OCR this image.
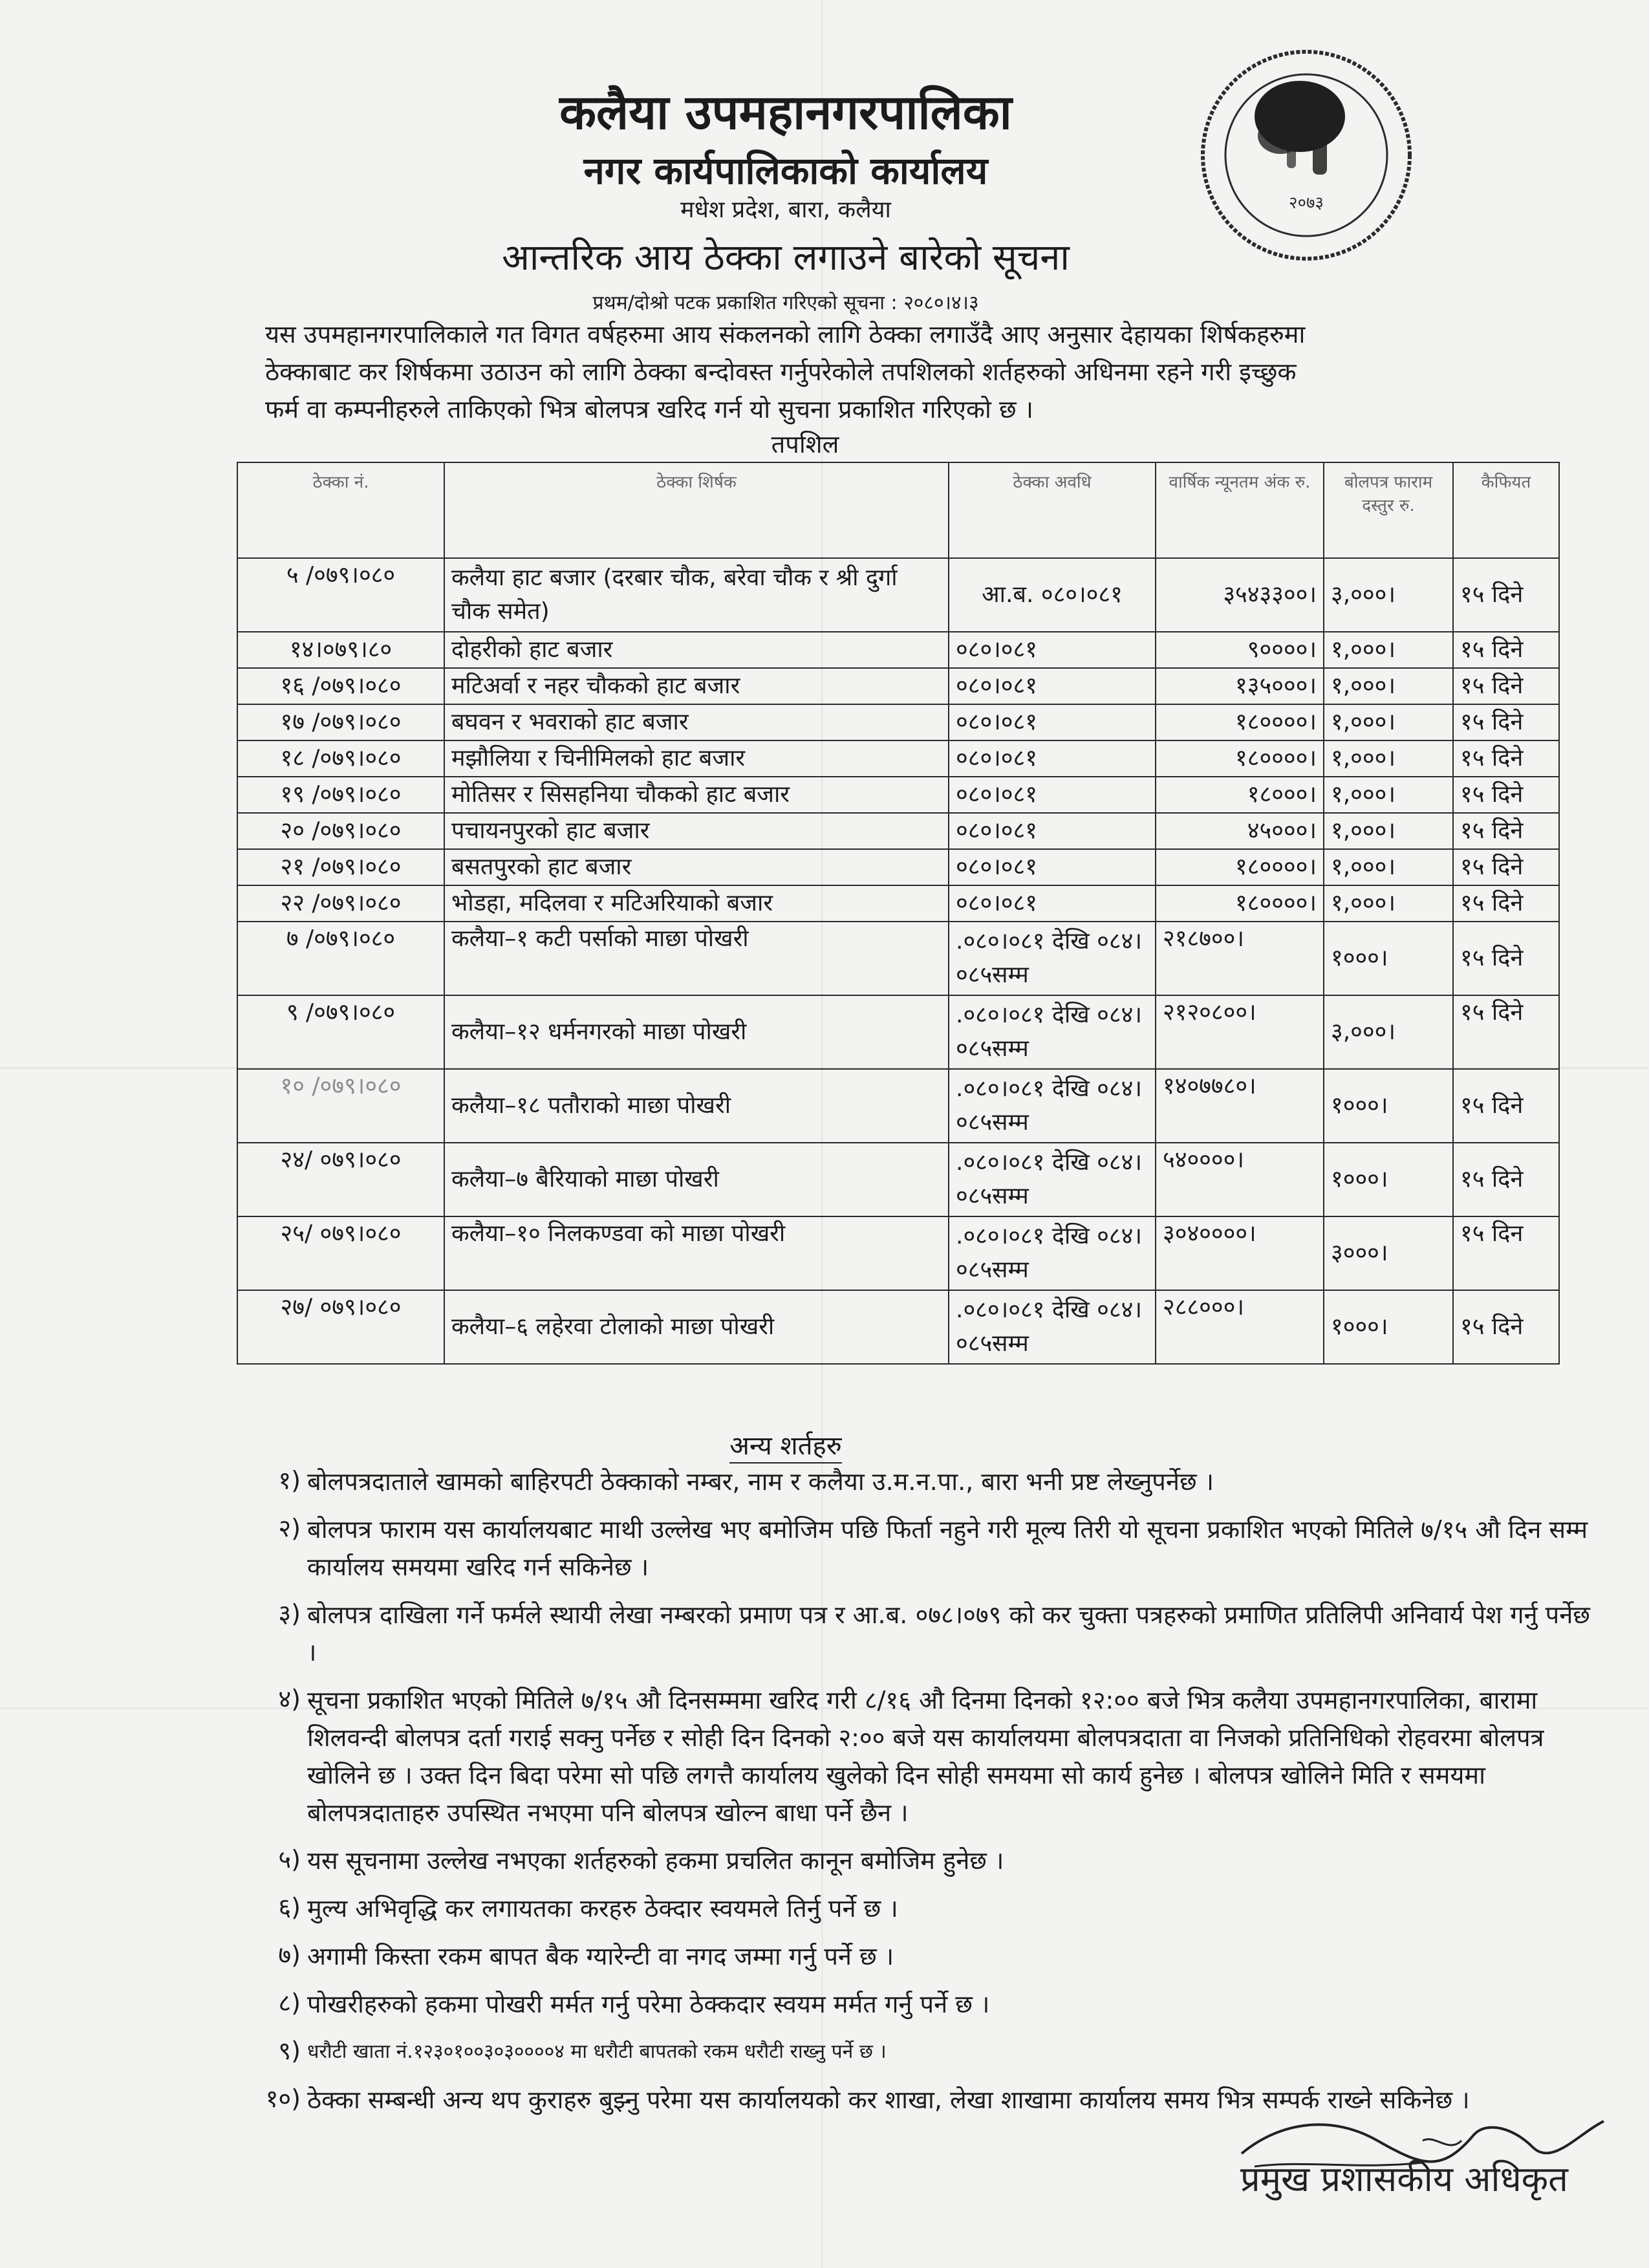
कलैया उपमहानगरपालिका
नगर कार्यपालिकाको कार्यालय
मधेश प्रदेश, बारा, कलैया
आन्तरिक आय ठेक्का लगाउने बारेको सूचना
प्रथम/दोश्रो पटक प्रकाशित गरिएको सूचना : २०८०।४।३
२०७३
यस उपमहानगरपालिकाले गत विगत वर्षहरुमा आय संकलनको लागि ठेक्का लगाउँदै आए अनुसार देहायका शिर्षकहरुमा
ठेक्काबाट कर शिर्षकमा उठाउन को लागि ठेक्का बन्दोवस्त गर्नुपरेकोले तपशिलको शर्तहरुको अधिनमा रहने गरी इच्छुक
फर्म वा कम्पनीहरुले ताकिएको भित्र बोलपत्र खरिद गर्न यो सुचना प्रकाशित गरिएको छ ।
तपशिल
ठेक्का नं.	ठेक्का शिर्षक	ठेक्का अवधि	वार्षिक न्यूनतम अंक रु.	बोलपत्र फाराम दस्तुर रु.	कैफियत
५ /०७९।०८०	कलैया हाट बजार (दरबार चौक, बरेवा चौक र श्री दुर्गा चौक समेत)	आ.ब. ०८०।०८१	३५४३३००।	३,०००।	१५ दिने
१४।०७९।८०	दोहरीको हाट बजार	०८०।०८१	९००००।	१,०००।	१५ दिने
१६ /०७९।०८०	मटिअर्वा र नहर चौकको हाट बजार	०८०।०८१	१३५०००।	१,०००।	१५ दिने
१७ /०७९।०८०	बघवन र भवराको हाट बजार	०८०।०८१	१८००००।	१,०००।	१५ दिने
१८ /०७९।०८०	मझौलिया र चिनीमिलको हाट बजार	०८०।०८१	१८००००।	१,०००।	१५ दिने
१९ /०७९।०८०	मोतिसर र सिसहनिया चौकको हाट बजार	०८०।०८१	१८०००।	१,०००।	१५ दिने
२० /०७९।०८०	पचायनपुरको हाट बजार	०८०।०८१	४५०००।	१,०००।	१५ दिने
२१ /०७९।०८०	बसतपुरको हाट बजार	०८०।०८१	१८००००।	१,०००।	१५ दिने
२२ /०७९।०८०	भोडहा, मदिलवा र मटिअरियाको बजार	०८०।०८१	१८००००।	१,०००।	१५ दिने
७ /०७९।०८०	कलैया–१ कटी पर्साको माछा पोखरी	.०८०।०८१ देखि ०८४।०८५सम्म	२१८७००।	१०००।	१५ दिने
९ /०७९।०८०	कलैया–१२ धर्मनगरको माछा पोखरी	.०८०।०८१ देखि ०८४।०८५सम्म	२१२०८००।	३,०००।	१५ दिने
१० /०७९।०८०	कलैया–१८ पतौराको माछा पोखरी	.०८०।०८१ देखि ०८४।०८५सम्म	१४०७७८०।	१०००।	१५ दिने
२४/ ०७९।०८०	कलैया–७ बैरियाको माछा पोखरी	.०८०।०८१ देखि ०८४।०८५सम्म	५४००००।	१०००।	१५ दिने
२५/ ०७९।०८०	कलैया–१० निलकण्डवा को माछा पोखरी	.०८०।०८१ देखि ०८४।०८५सम्म	३०४००००।	३०००।	१५ दिन
२७/ ०७९।०८०	कलैया–६ लहेरवा टोलाको माछा पोखरी	.०८०।०८१ देखि ०८४।०८५सम्म	२८८०००।	१०००।	१५ दिने
अन्य शर्तहरु
१) बोलपत्रदाताले खामको बाहिरपटी ठेक्काको नम्बर, नाम र कलैया उ.म.न.पा., बारा भनी प्रष्ट लेख्नुपर्नेछ ।
२) बोलपत्र फाराम यस कार्यालयबाट माथी उल्लेख भए बमोजिम पछि फिर्ता नहुने गरी मूल्य तिरी यो सूचना प्रकाशित भएको मितिले ७/१५ औ दिन सम्म कार्यालय समयमा खरिद गर्न सकिनेछ ।
३) बोलपत्र दाखिला गर्ने फर्मले स्थायी लेखा नम्बरको प्रमाण पत्र र आ.ब. ०७८।०७९ को कर चुक्ता पत्रहरुको प्रमाणित प्रतिलिपी अनिवार्य पेश गर्नु पर्नेछ ।
४) सूचना प्रकाशित भएको मितिले ७/१५ औ दिनसम्ममा खरिद गरी ८/१६ औ दिनमा दिनको १२:०० बजे भित्र कलैया उपमहानगरपालिका, बारामा शिलवन्दी बोलपत्र दर्ता गराई सक्नु पर्नेछ र सोही दिन दिनको २:०० बजे यस कार्यालयमा बोलपत्रदाता वा निजको प्रतिनिधिको रोहवरमा बोलपत्र खोलिने छ । उक्त दिन बिदा परेमा सो पछि लगत्तै कार्यालय खुलेको दिन सोही समयमा सो कार्य हुनेछ । बोलपत्र खोलिने मिति र समयमा बोलपत्रदाताहरु उपस्थित नभएमा पनि बोलपत्र खोल्न बाधा पर्ने छैन ।
५) यस सूचनामा उल्लेख नभएका शर्तहरुको हकमा प्रचलित कानून बमोजिम हुनेछ ।
६) मुल्य अभिवृद्धि कर लगायतका करहरु ठेक्दार स्वयमले तिर्नु पर्ने छ ।
७) अगामी किस्ता रकम बापत बैक ग्यारेन्टी वा नगद जम्मा गर्नु पर्ने छ ।
८) पोखरीहरुको हकमा पोखरी मर्मत गर्नु परेमा ठेक्कदार स्वयम मर्मत गर्नु पर्ने छ ।
९) धरौटी खाता नं.१२३०१००३०३००००४ मा धरौटी बापतको रकम धरौटी राख्नु पर्ने छ ।
१०) ठेक्का सम्बन्धी अन्य थप कुराहरु बुझ्नु परेमा यस कार्यालयको कर शाखा, लेखा शाखामा कार्यालय समय भित्र सम्पर्क राख्ने सकिनेछ ।
प्रमुख प्रशासकीय अधिकृत
